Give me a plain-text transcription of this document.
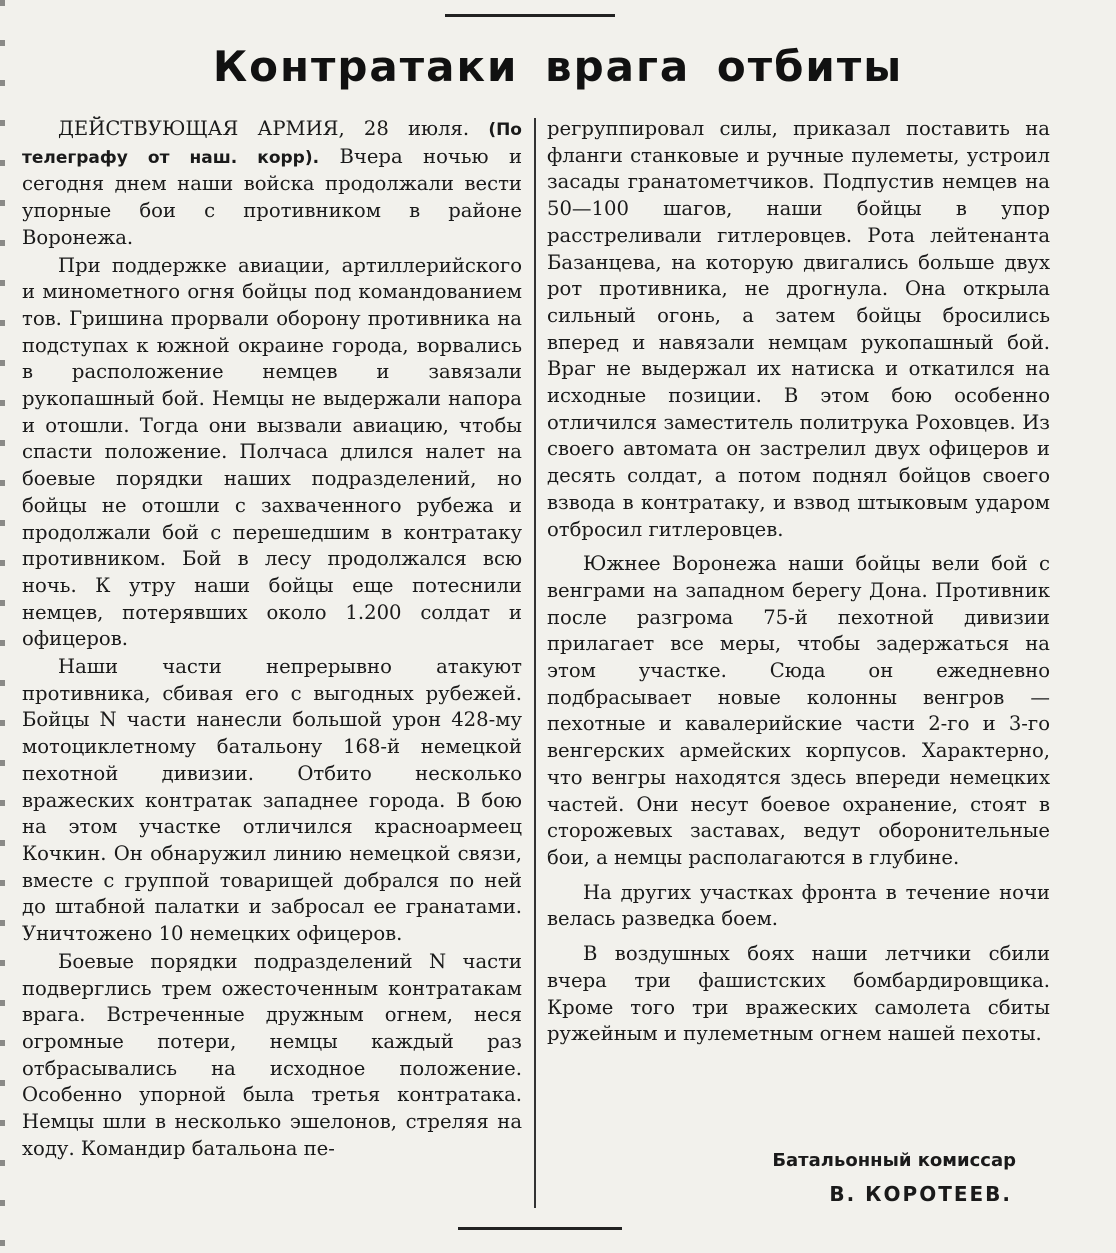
Контратаки врага отбиты

ДЕЙСТВУЮЩАЯ АРМИЯ, 28 июля. (По телеграфу от наш. корр). Вчера ночью и сегодня днем наши войска продолжали вести упорные бои с противником в районе Воронежа.

При поддержке авиации, артиллерийского и минометного огня бойцы под командованием тов. Гришина прорвали оборону противника на подступах к южной окраине города, ворвались в расположение немцев и завязали рукопашный бой. Немцы не выдержали напора и отошли. Тогда они вызвали авиацию, чтобы спасти положение. Полчаса длился налет на боевые порядки наших подразделений, но бойцы не отошли с захваченного рубежа и продолжали бой с перешедшим в контратаку противником. Бой в лесу продолжался всю ночь. К утру наши бойцы еще потеснили немцев, потерявших около 1.200 солдат и офицеров.

Наши части непрерывно атакуют противника, сбивая его с выгодных рубежей. Бойцы N части нанесли большой урон 428-му мотоциклетному батальону 168-й немецкой пехотной дивизии. Отбито несколько вражеских контратак западнее города. В бою на этом участке отличился красноармеец Кочкин. Он обнаружил линию немецкой связи, вместе с группой товарищей добрался по ней до штабной палатки и забросал ее гранатами. Уничтожено 10 немецких офицеров.

Боевые порядки подразделений N части подверглись трем ожесточенным контратакам врага. Встреченные дружным огнем, неся огромные потери, немцы каждый раз отбрасывались на исходное положение. Особенно упорной была третья контратака. Немцы шли в несколько эшелонов, стреляя на ходу. Командир батальона пе-

регруппировал силы, приказал поставить на фланги станковые и ручные пулеметы, устроил засады гранатометчиков. Подпустив немцев на 50—100 шагов, наши бойцы в упор расстреливали гитлеровцев. Рота лейтенанта Базанцева, на которую двигались больше двух рот противника, не дрогнула. Она открыла сильный огонь, а затем бойцы бросились вперед и навязали немцам рукопашный бой. Враг не выдержал их натиска и откатился на исходные позиции. В этом бою особенно отличился заместитель политрука Роховцев. Из своего автомата он застрелил двух офицеров и десять солдат, а потом поднял бойцов своего взвода в контратаку, и взвод штыковым ударом отбросил гитлеровцев.

Южнее Воронежа наши бойцы вели бой с венграми на западном берегу Дона. Противник после разгрома 75-й пехотной дивизии прилагает все меры, чтобы задержаться на этом участке. Сюда он ежедневно подбрасывает новые колонны венгров — пехотные и кавалерийские части 2-го и 3-го венгерских армейских корпусов. Характерно, что венгры находятся здесь впереди немецких частей. Они несут боевое охранение, стоят в сторожевых заставах, ведут оборонительные бои, а немцы располагаются в глубине.

На других участках фронта в течение ночи велась разведка боем.

В воздушных боях наши летчики сбили вчера три фашистских бомбардировщика. Кроме того три вражеских самолета сбиты ружейным и пулеметным огнем нашей пехоты.

Батальонный комиссар
В. КОРОТЕЕВ.
